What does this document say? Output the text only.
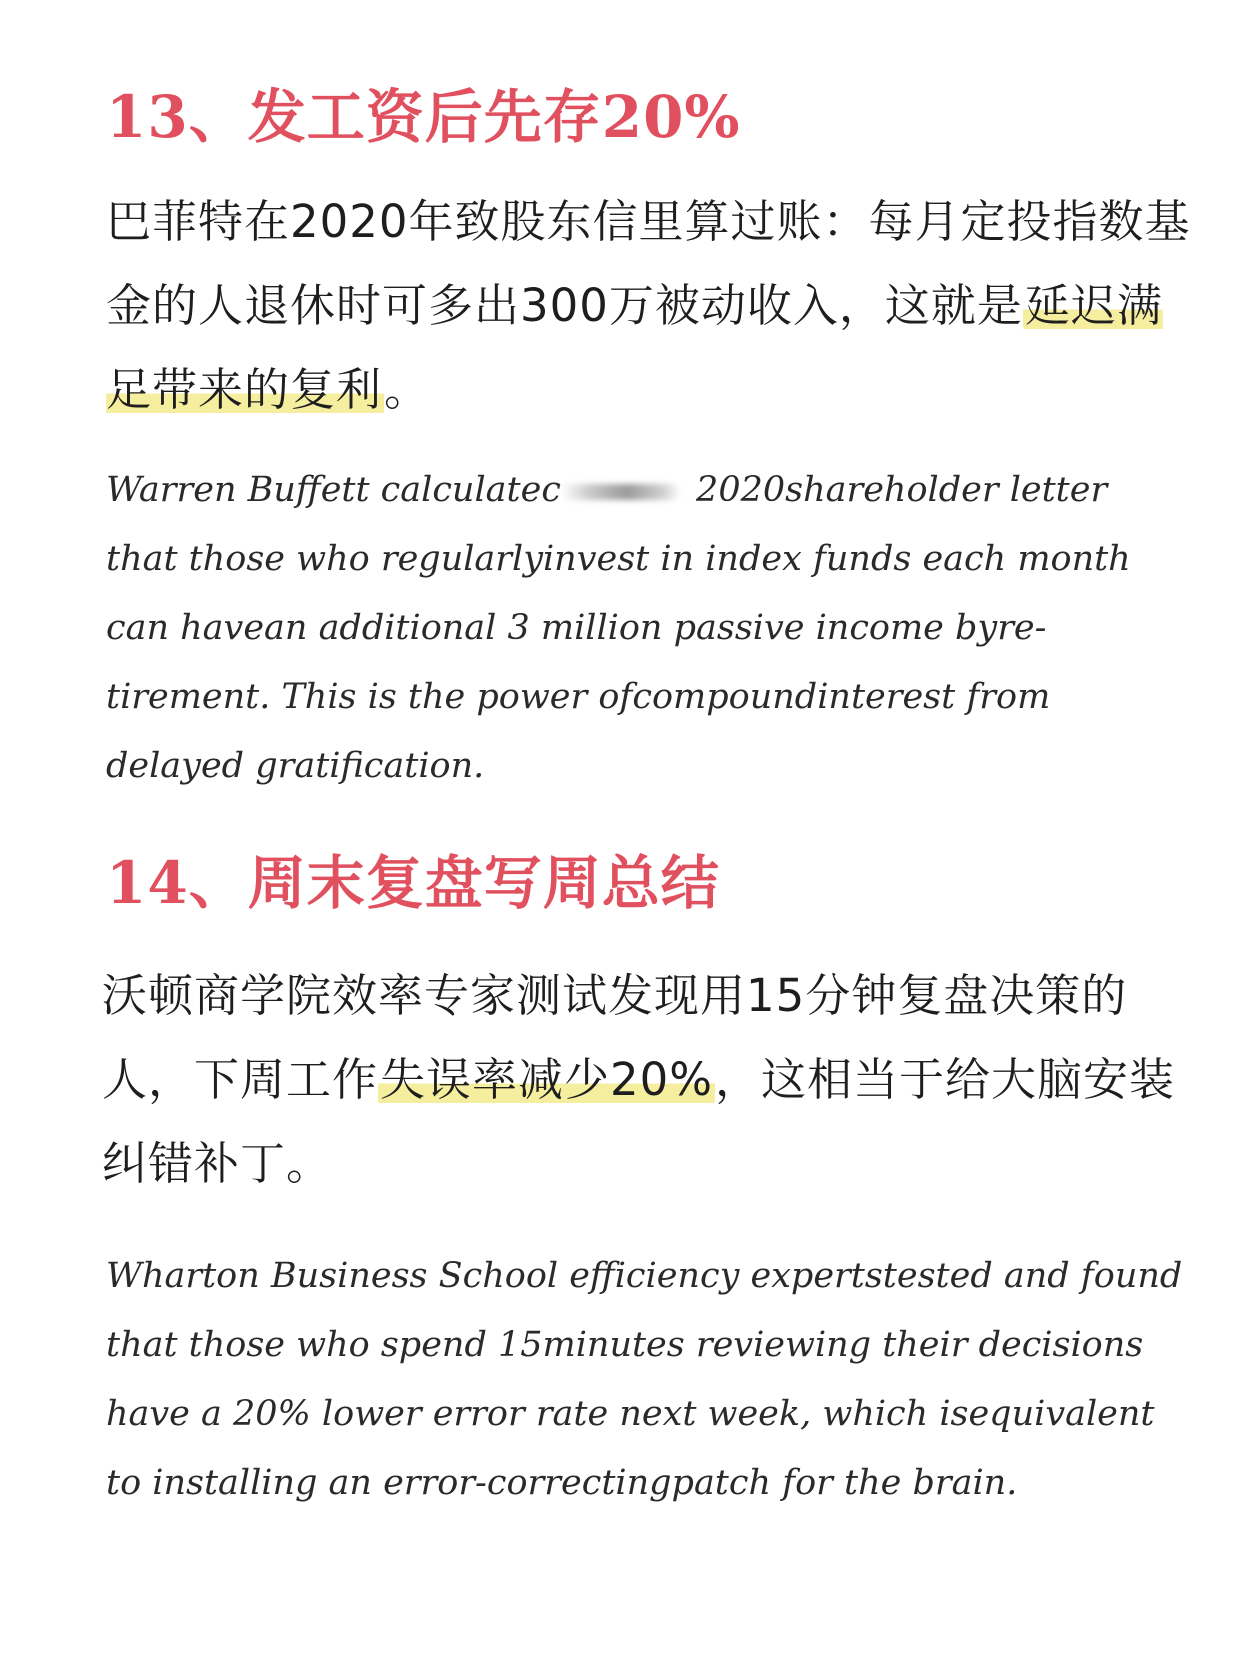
13、发工资后先存20%

巴菲特在2020年致股东信里算过账：每月定投指数基金的人退休时可多出300万被动收入，这就是延迟满足带来的复利。

Warren Buffett calculatec	2020shareholder letter that those who regularlyinvest in index funds each month can havean additional 3 million passive income byre-tirement. This is the power ofcompoundinterest from delayed gratification.

14、周末复盘写周总结

沃顿商学院效率专家测试发现用15分钟复盘决策的人，下周工作失误率减少20%，这相当于给大脑安装纠错补丁。

Wharton Business School efficiency expertstested and found that those who spend 15minutes reviewing their decisions have a 20% lower error rate next week, which isequivalent to installing an error-correctingpatch for the brain.
